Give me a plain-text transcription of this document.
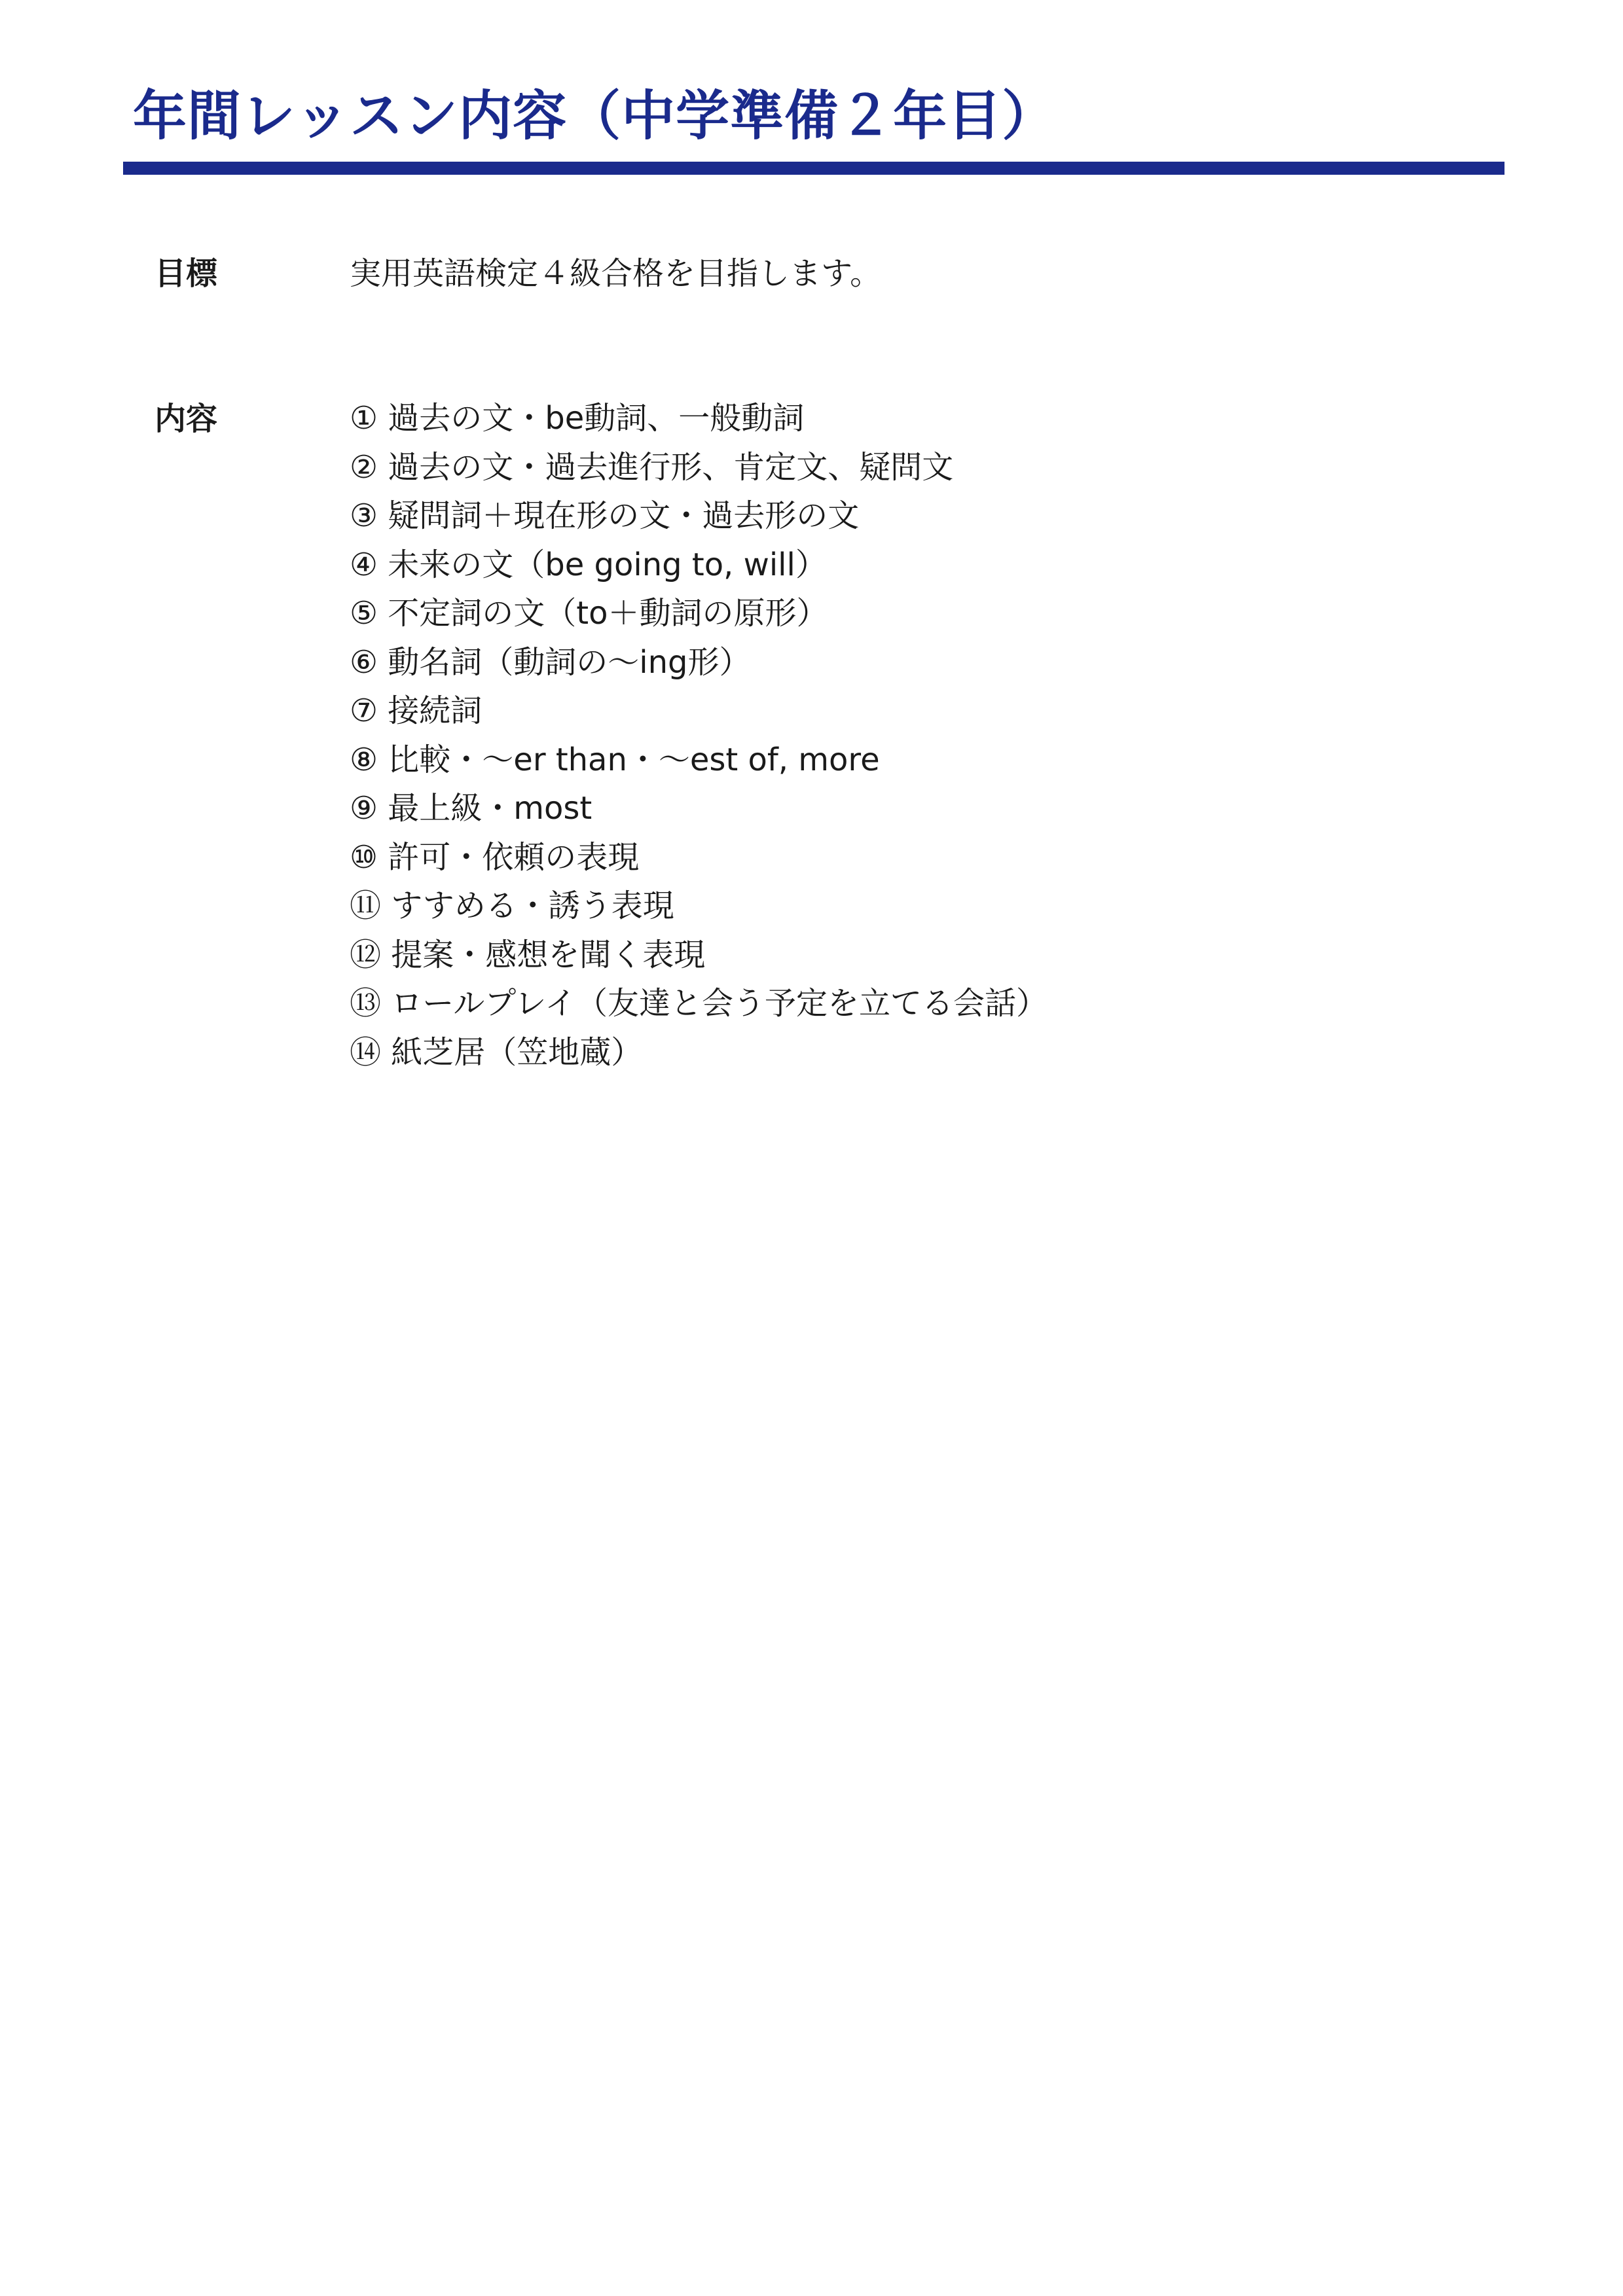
年間レッスン内容（中学準備２年目）

目標	実用英語検定４級合格を目指します。

内容	① 過去の文・be動詞、一般動詞
② 過去の文・過去進行形、肯定文、疑問文
③ 疑問詞＋現在形の文・過去形の文
④ 未来の文（be going to, will）
⑤ 不定詞の文（to＋動詞の原形）
⑥ 動名詞（動詞の〜ing形）
⑦ 接続詞
⑧ 比較・〜er than・〜est of, more
⑨ 最上級・most
⑩ 許可・依頼の表現
⑪ すすめる・誘う表現
⑫ 提案・感想を聞く表現
⑬ ロールプレイ（友達と会う予定を立てる会話）
⑭ 紙芝居（笠地蔵）
